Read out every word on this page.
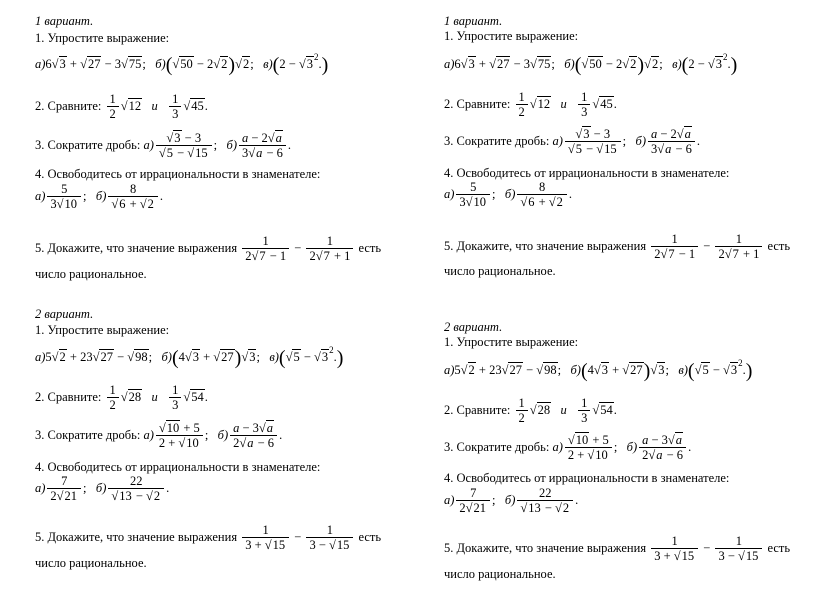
1 вариант.
1. Упростите выражение:
а)6√3 + √27 − 3√75;   б)(√50 − 2√2)√2;   $в)(2 - √3^2.)$
2. Сравните: $\frac{1}{2} √12$ и $\frac{1}{3} √45$.
3. Сократите дробь: $а) \frac{√3 - 3}{√5 - √15}$ ;   $б) \frac{а - 2√а}{3√а - 6}$ .
4. Освободитесь от иррациональности в знаменателе:
$а) \frac{5}{3√10}$ ;   $б) \frac{8}{√6 + √2}$ .
5. Докажите, что значение выражения $\frac{1}{2√7 - 1} - \frac{1}{2√7 + 1}$ есть
число рациональное.
1 вариант.
1. Упростите выражение:
а)6√3 + √27 − 3√75;   б)(√50 − 2√2)√2;   $в)(2 - √3^2.)$
2. Сравните: $\frac{1}{2} √12$ и $\frac{1}{3} √45$.
3. Сократите дробь: $а) \frac{√3 - 3}{√5 - √15}$ ;   $б) \frac{а - 2√а}{3√а - 6}$ .
4. Освободитесь от иррациональности в знаменателе:
$а) \frac{5}{3√10}$ ;   $б) \frac{8}{√6 + √2}$ .
5. Докажите, что значение выражения $\frac{1}{2√7 - 1} - \frac{1}{2√7 + 1}$ есть
число рациональное.
2 вариант.
1. Упростите выражение:
а)5√2 + 23√27 − √98;   б)(4√3 + √27)√3;   $в)(√5 - √3^2.)$
2. Сравните: $\frac{1}{2} √28$ и $\frac{1}{3} √54$.
3. Сократите дробь: $а) \frac{√10 + 5}{2 + √10}$ ;   $б) \frac{а - 3√а}{2√а - 6}$ .
4. Освободитесь от иррациональности в знаменателе:
$а) \frac{7}{2√21}$ ;   $б) \frac{22}{√13 - √2}$ .
5. Докажите, что значение выражения $\frac{1}{3 + √15} - \frac{1}{3 - √15}$ есть
число рациональное.
2 вариант.
1. Упростите выражение:
а)5√2 + 23√27 − √98;   б)(4√3 + √27)√3;   $в)(√5 - √3^2.)$
2. Сравните: $\frac{1}{2} √28$ и $\frac{1}{3} √54$.
3. Сократите дробь: $а) \frac{√10 + 5}{2 + √10}$ ;   $б) \frac{а - 3√а}{2√а - 6}$ .
4. Освободитесь от иррациональности в знаменателе:
$а) \frac{7}{2√21}$ ;   $б) \frac{22}{√13 - √2}$ .
5. Докажите, что значение выражения $\frac{1}{3 + √15} - \frac{1}{3 - √15}$ есть
число рациональное.
